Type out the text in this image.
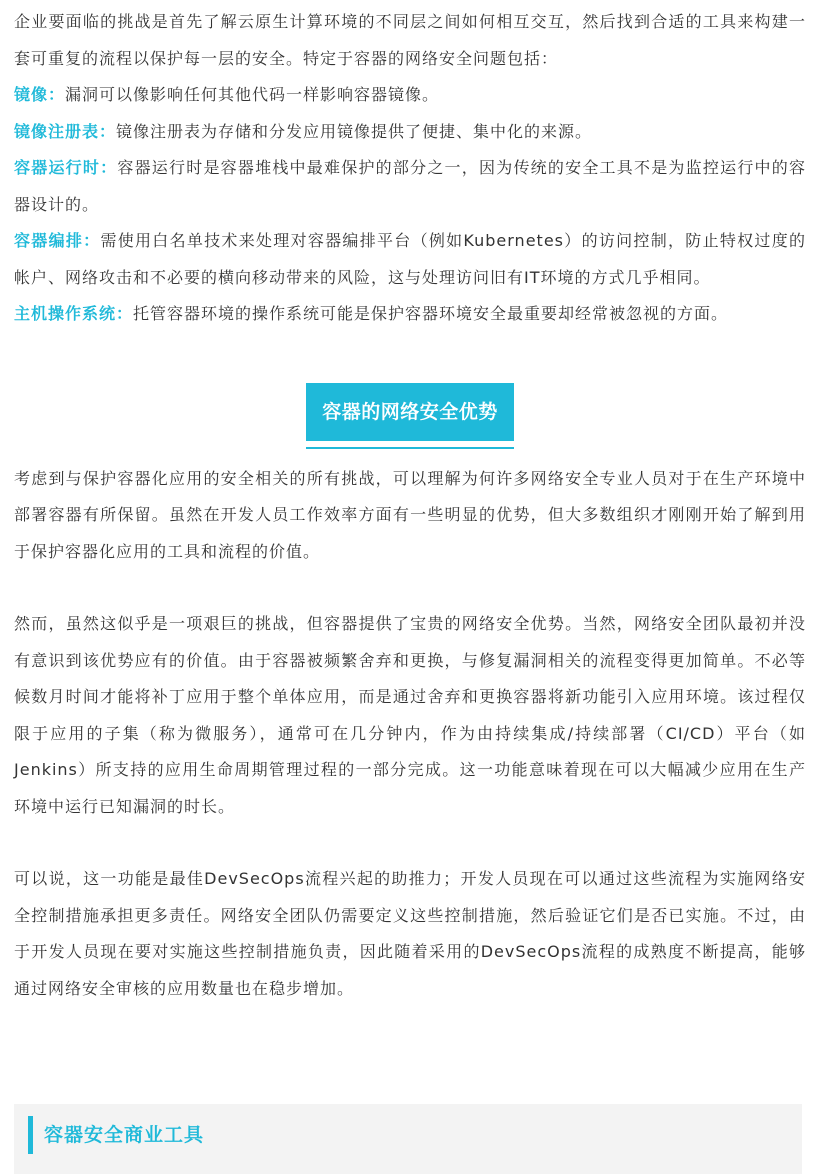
企业要面临的挑战是首先了解云原生计算环境的不同层之间如何相互交互，然后找到合适的工具来构建一套可重复的流程以保护每一层的安全。特定于容器的网络安全问题包括：

镜像：漏洞可以像影响任何其他代码一样影响容器镜像。

镜像注册表：镜像注册表为存储和分发应用镜像提供了便捷、集中化的来源。

容器运行时：容器运行时是容器堆栈中最难保护的部分之一，因为传统的安全工具不是为监控运行中的容器设计的。

容器编排：需使用白名单技术来处理对容器编排平台（例如Kubernetes）的访问控制，防止特权过度的帐户、网络攻击和不必要的横向移动带来的风险，这与处理访问旧有IT环境的方式几乎相同。

主机操作系统：托管容器环境的操作系统可能是保护容器环境安全最重要却经常被忽视的方面。

容器的网络安全优势

考虑到与保护容器化应用的安全相关的所有挑战，可以理解为何许多网络安全专业人员对于在生产环境中部署容器有所保留。虽然在开发人员工作效率方面有一些明显的优势，但大多数组织才刚刚开始了解到用于保护容器化应用的工具和流程的价值。

然而，虽然这似乎是一项艰巨的挑战，但容器提供了宝贵的网络安全优势。当然，网络安全团队最初并没有意识到该优势应有的价值。由于容器被频繁舍弃和更换，与修复漏洞相关的流程变得更加简单。不必等候数月时间才能将补丁应用于整个单体应用，而是通过舍弃和更换容器将新功能引入应用环境。该过程仅限于应用的子集（称为微服务），通常可在几分钟内，作为由持续集成/持续部署（CI/CD）平台（如Jenkins）所支持的应用生命周期管理过程的一部分完成。这一功能意味着现在可以大幅减少应用在生产环境中运行已知漏洞的时长。

可以说，这一功能是最佳DevSecOps流程兴起的助推力；开发人员现在可以通过这些流程为实施网络安全控制措施承担更多责任。网络安全团队仍需要定义这些控制措施，然后验证它们是否已实施。不过，由于开发人员现在要对实施这些控制措施负责，因此随着采用的DevSecOps流程的成熟度不断提高，能够通过网络安全审核的应用数量也在稳步增加。

容器安全商业工具
